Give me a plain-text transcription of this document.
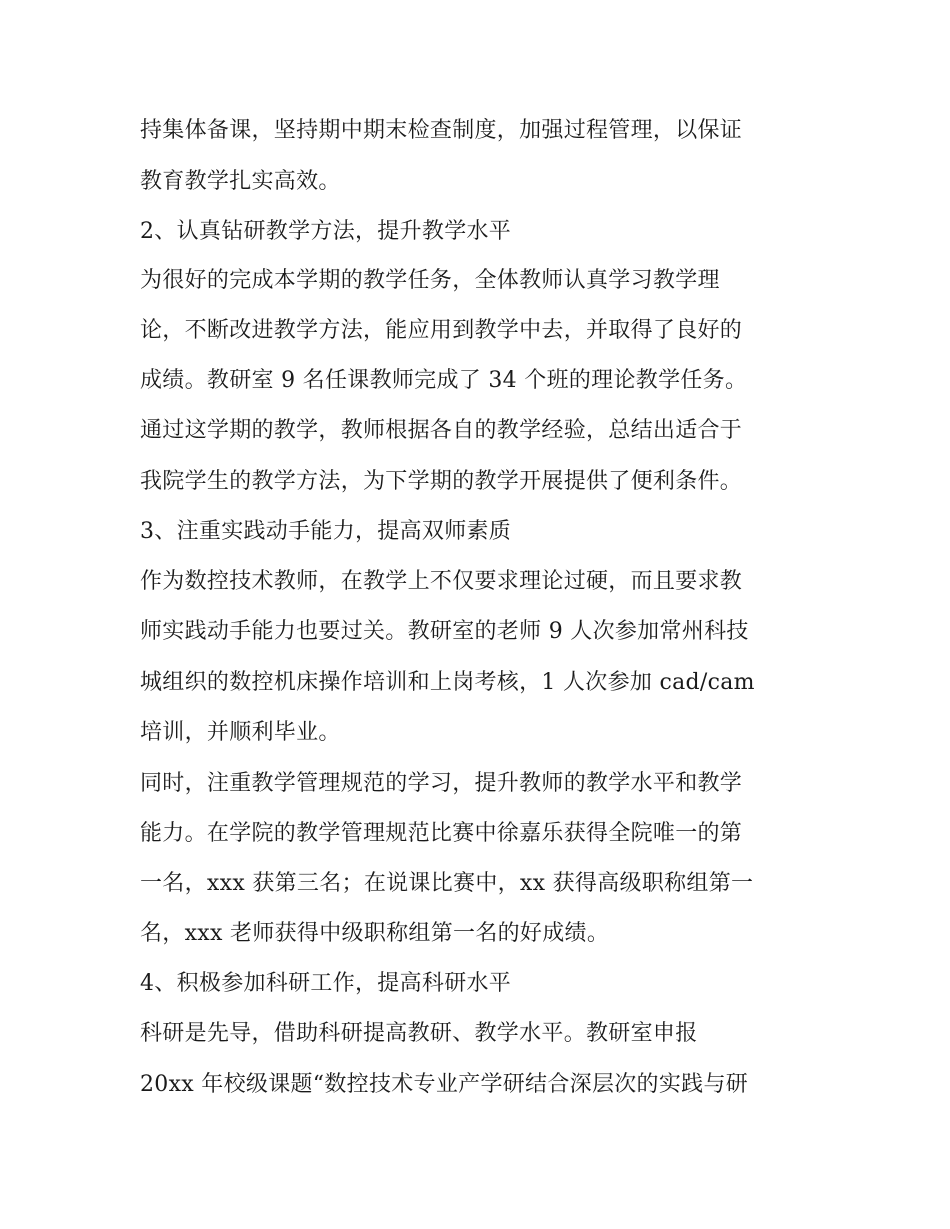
持集体备课，坚持期中期末检查制度，加强过程管理，以保证
教育教学扎实高效。
2、认真钻研教学方法，提升教学水平
为很好的完成本学期的教学任务，全体教师认真学习教学理
论，不断改进教学方法，能应用到教学中去，并取得了良好的
成绩。教研室 9 名任课教师完成了 34 个班的理论教学任务。
通过这学期的教学，教师根据各自的教学经验，总结出适合于
我院学生的教学方法，为下学期的教学开展提供了便利条件。
3、注重实践动手能力，提高双师素质
作为数控技术教师，在教学上不仅要求理论过硬，而且要求教
师实践动手能力也要过关。教研室的老师 9 人次参加常州科技
城组织的数控机床操作培训和上岗考核，1 人次参加 cad/cam
培训，并顺利毕业。
同时，注重教学管理规范的学习，提升教师的教学水平和教学
能力。在学院的教学管理规范比赛中徐嘉乐获得全院唯一的第
一名，xxx 获第三名；在说课比赛中，xx 获得高级职称组第一
名，xxx 老师获得中级职称组第一名的好成绩。
4、积极参加科研工作，提高科研水平
科研是先导，借助科研提高教研、教学水平。教研室申报
20xx 年校级课题“数控技术专业产学研结合深层次的实践与研
